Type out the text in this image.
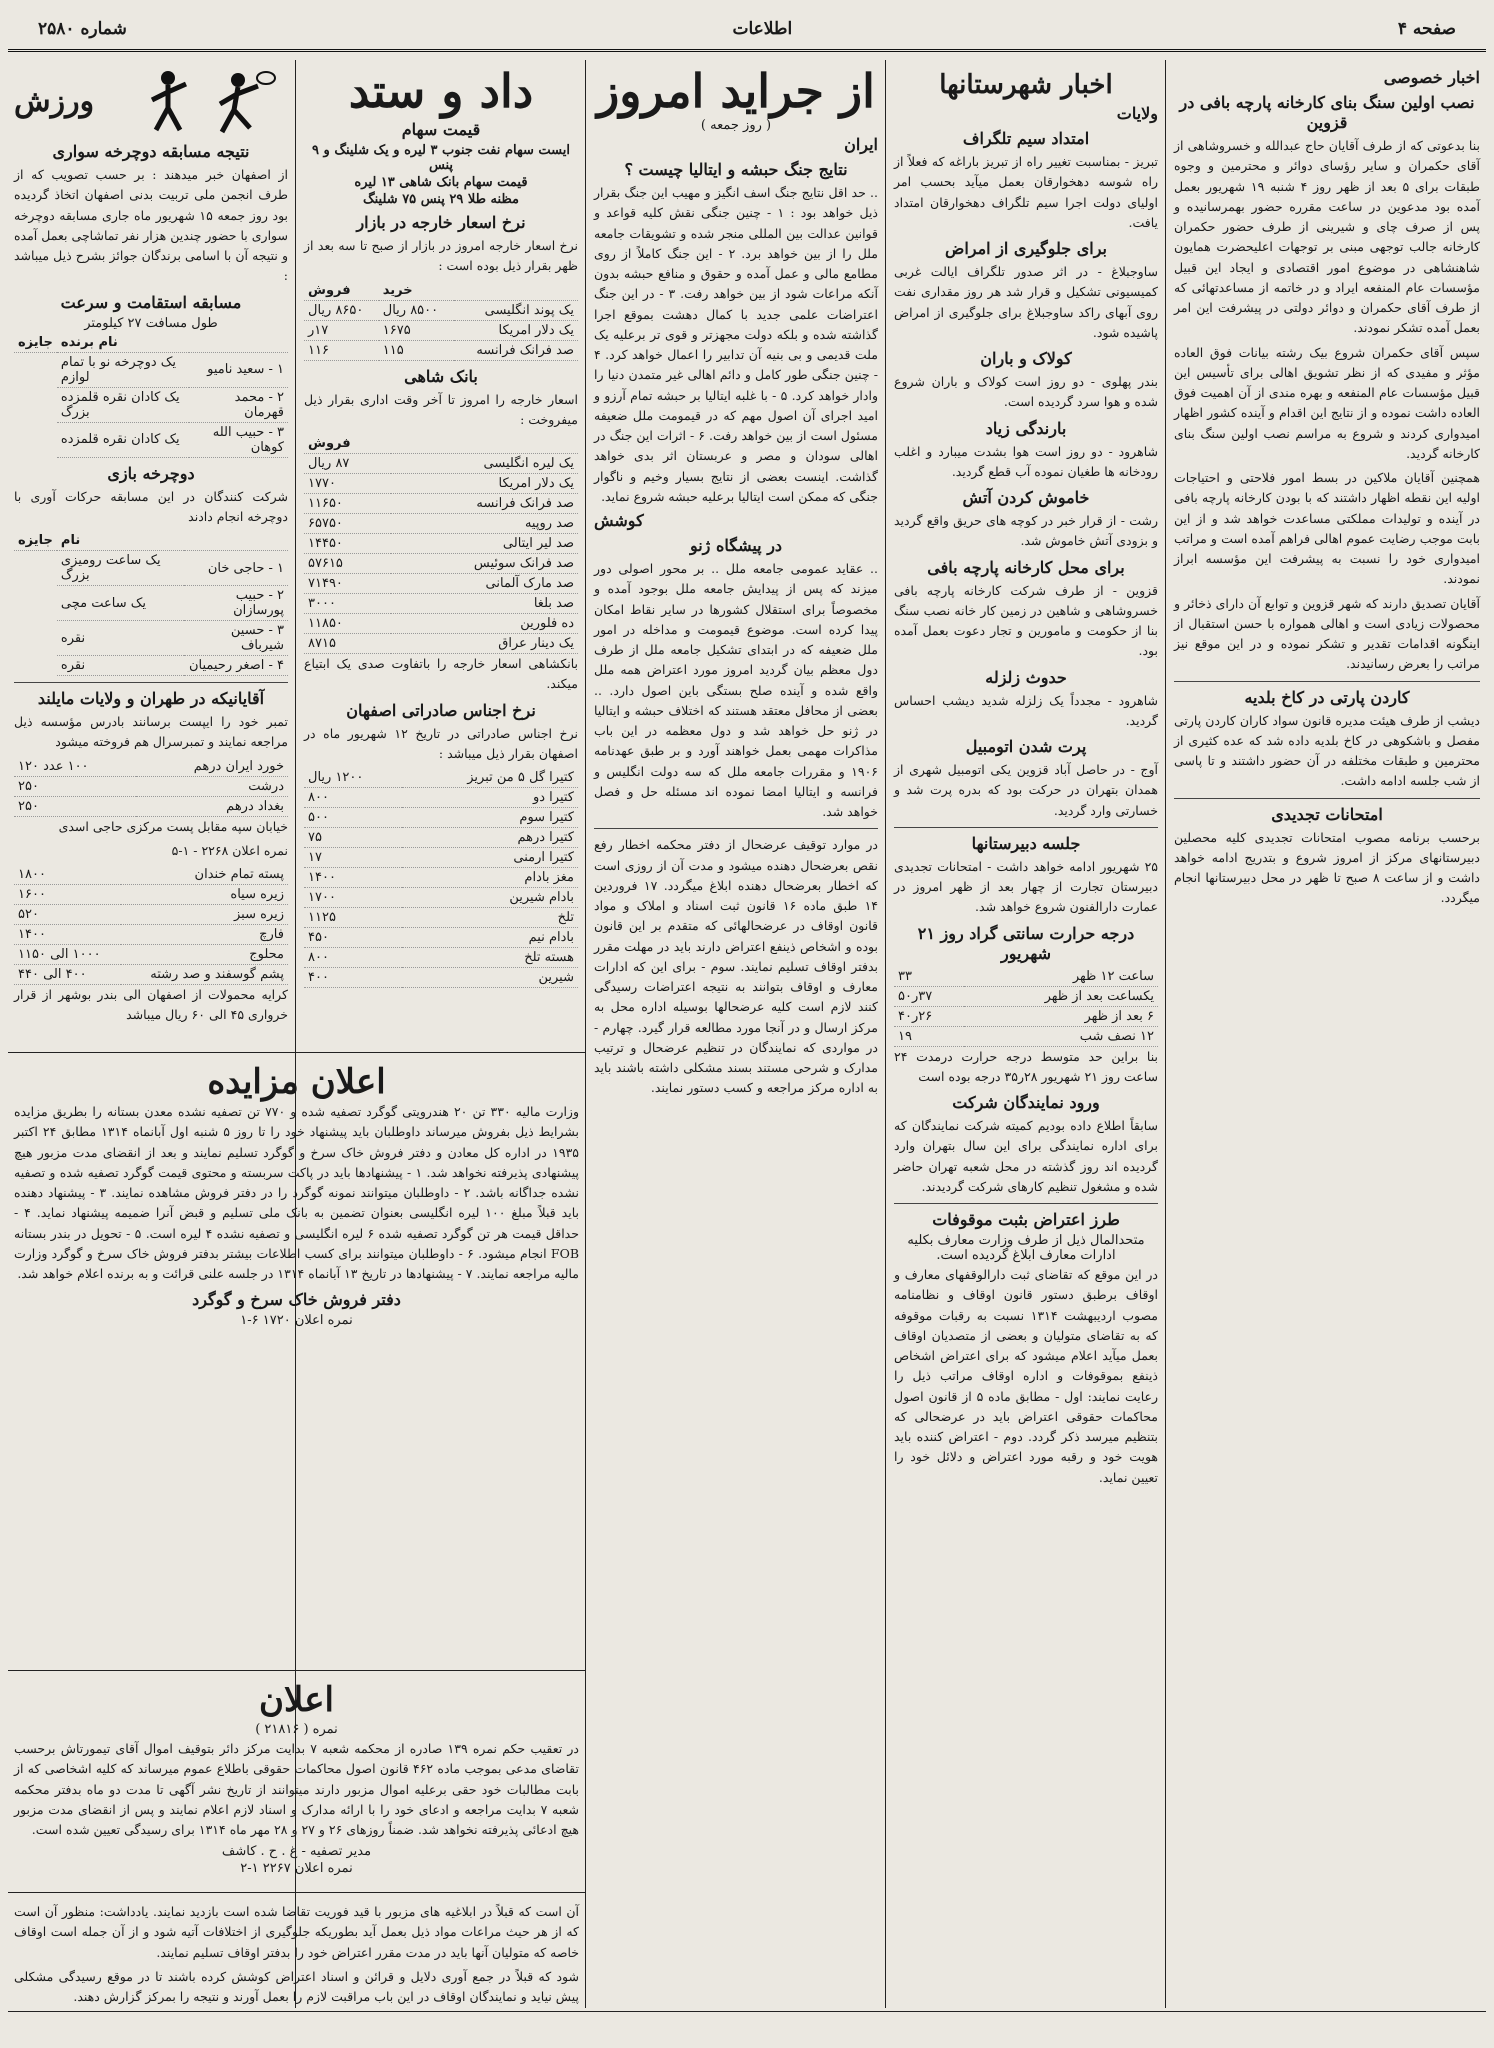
صفحه ۴
اطلاعات
شماره ۲۵۸۰
اخبار خصوصی
نصب اولین سنگ بنای کارخانه پارچه بافی در قزوین

بنا بدعوتی که از طرف آقایان حاج عبدالله و خسروشاهی از آقای حکمران و سایر رؤسای دوائر و محترمین و وجوه طبقات برای ۵ بعد از ظهر روز ۴ شنبه ۱۹ شهریور بعمل آمده بود مدعوین در ساعت مقرره حضور بهمرسانیده و پس از صرف چای و شیرینی از طرف حضور حکمران کارخانه جالب توجهی مبنی بر توجهات اعلیحضرت همایون شاهنشاهی در موضوع امور اقتصادی و ایجاد این قبیل مؤسسات عام المنفعه ایراد و در خاتمه از مساعدتهائی که از طرف آقای حکمران و دوائر دولتی در پیشرفت این امر بعمل آمده تشکر نمودند.

سپس آقای حکمران شروع بیک رشته بیانات فوق العاده مؤثر و مفیدی که از نظر تشویق اهالی برای تأسیس این قبیل مؤسسات عام المنفعه و بهره مندی از آن اهمیت فوق العاده داشت نموده و از نتایج این اقدام و آینده کشور اظهار امیدواری کردند و شروع به مراسم نصب اولین سنگ بنای کارخانه گردید.

همچنین آقایان ملاکین در بسط امور فلاحتی و احتیاجات اولیه این نقطه اظهار داشتند که با بودن کارخانه پارچه بافی در آینده و تولیدات مملکتی مساعدت خواهد شد و از این بابت موجب رضایت عموم اهالی فراهم آمده است و مراتب امیدواری خود را نسبت به پیشرفت این مؤسسه ابراز نمودند.

آقایان تصدیق دارند که شهر قزوین و توابع آن دارای ذخائر و محصولات زیادی است و اهالی همواره با حسن استقبال از اینگونه اقدامات تقدیر و تشکر نموده و در این موقع نیز مراتب را بعرض رسانیدند.

کاردن پارتی در کاخ بلدیه

دیشب از طرف هیئت مدیره قانون سواد کاران کاردن پارتی مفصل و باشکوهی در کاخ بلدیه داده شد که عده کثیری از محترمین و طبقات مختلفه در آن حضور داشتند و تا پاسی از شب جلسه ادامه داشت.

امتحانات تجدیدی

برحسب برنامه مصوب امتحانات تجدیدی کلیه محصلین دبیرستانهای مرکز از امروز شروع و بتدریج ادامه خواهد داشت و از ساعت ۸ صبح تا ظهر در محل دبیرستانها انجام میگردد.

اخبار شهرستانها
ولایات
امتداد سیم تلگراف

تبریز - بمناسبت تغییر راه از تبریز باراغه که فعلاً از راه شوسه دهخوارقان بعمل میآید بحسب امر اولیای دولت اجرا سیم تلگراف دهخوارقان امتداد یافت.

برای جلوگیری از امراض

ساوجبلاغ - در اثر صدور تلگراف ایالت غربی کمیسیونی تشکیل و قرار شد هر روز مقداری نفت روی آبهای راکد ساوجبلاغ برای جلوگیری از امراض پاشیده شود.

کولاک و باران

بندر پهلوی - دو روز است کولاک و باران شروع شده و هوا سرد گردیده است.

بارندگی زیاد

شاهرود - دو روز است هوا بشدت میبارد و اغلب رودخانه ها طغیان نموده آب قطع گردید.

خاموش کردن آتش

رشت - از قرار خبر در کوچه های حریق واقع گردید و بزودی آتش خاموش شد.

برای محل کارخانه پارچه بافی

قزوین - از طرف شرکت کارخانه پارچه بافی خسروشاهی و شاهین در زمین کار خانه نصب سنگ بنا از حکومت و مامورین و تجار دعوت بعمل آمده بود.

حدوث زلزله

شاهرود - مجدداً یک زلزله شدید دیشب احساس گردید.

پرت شدن اتومبیل

آوج - در حاصل آباد قزوین یکی اتومبیل شهری از همدان بتهران در حرکت بود که بدره پرت شد و خسارتی وارد گردید.

جلسه دبیرستانها

۲۵ شهریور ادامه خواهد داشت - امتحانات تجدیدی دبیرستان تجارت از چهار بعد از ظهر امروز در عمارت دارالفنون شروع خواهد شد.

درجه حرارت سانتی گراد روز ۲۱ شهریور
ساعت ۱۲ ظهر	۳۳
یکساعت بعد از ظهر	۳۷ر۵۰
۶ بعد از ظهر	۲۶ر۴۰
۱۲ نصف شب	۱۹

بنا براین حد متوسط درجه حرارت درمدت ۲۴ ساعت روز ۲۱ شهریور ۲۸ر۳۵ درجه بوده است

ورود نمایندگان شرکت

سابقاً اطلاع داده بودیم کمیته شرکت نمایندگان که برای اداره نمایندگی برای این سال بتهران وارد گردیده اند روز گذشته در محل شعبه تهران حاضر شده و مشغول تنظیم کارهای شرکت گردیدند.

طرز اعتراض بثبت موقوفات
متحدالمال ذیل از طرف وزارت معارف بکلیه ادارات معارف ابلاغ گردیده است.

در این موقع که تقاضای ثبت دارالوقفهای معارف و اوقاف برطبق دستور قانون اوقاف و نظامنامه مصوب اردیبهشت ۱۳۱۴ نسبت به رقبات موقوفه که به تقاضای متولیان و بعضی از متصدیان اوقاف بعمل میآید اعلام میشود که برای اعتراض اشخاص ذینفع بموقوفات و اداره اوقاف مراتب ذیل را رعایت نمایند: اول - مطابق ماده ۵ از قانون اصول محاکمات حقوقی اعتراض باید در عرضحالی که بتنظیم میرسد ذکر گردد. دوم - اعتراض کننده باید هویت خود و رقبه مورد اعتراض و دلائل خود را تعیین نماید.

از جراید امروز
( روز جمعه )
ایران
نتایج جنگ حبشه و ایتالیا چیست ؟

.. حد اقل نتایج جنگ اسف انگیز و مهیب این جنگ بقرار ذیل خواهد بود : ۱ - چنین جنگی نقش کلیه قواعد و قوانین عدالت بین المللی منجر شده و تشویقات جامعه ملل را از بین خواهد برد. ۲ - این جنگ کاملاً از روی مطامع مالی و عمل آمده و حقوق و منافع حبشه بدون آنکه مراعات شود از بین خواهد رفت. ۳ - در این جنگ اعتراضات علمی جدید با کمال دهشت بموقع اجرا گذاشته شده و بلکه دولت مجهزتر و قوی تر برعلیه یک ملت قدیمی و بی بنیه آن تدابیر را اعمال خواهد کرد. ۴ - چنین جنگی طور کامل و دائم اهالی غیر متمدن دنیا را وادار خواهد کرد. ۵ - با غلبه ایتالیا بر حبشه تمام آرزو و امید اجرای آن اصول مهم که در قیمومت ملل ضعیفه مسئول است از بین خواهد رفت. ۶ - اثرات این جنگ در اهالی سودان و مصر و عربستان اثر بدی خواهد گذاشت. اینست بعضی از نتایج بسیار وخیم و ناگوار جنگی که ممکن است ایتالیا برعلیه حبشه شروع نماید.

کوشش
در پیشگاه ژنو

.. عقاید عمومی جامعه ملل .. بر محور اصولی دور میزند که پس از پیدایش جامعه ملل بوجود آمده و مخصوصاً برای استقلال کشورها در سایر نقاط امکان پیدا کرده است. موضوع قیمومت و مداخله در امور ملل ضعیفه که در ابتدای تشکیل جامعه ملل از طرف دول معظم بیان گردید امروز مورد اعتراض همه ملل واقع شده و آینده صلح بستگی باین اصول دارد. .. بعضی از محافل معتقد هستند که اختلاف حبشه و ایتالیا در ژنو حل خواهد شد و دول معظمه در این باب مذاکرات مهمی بعمل خواهند آورد و بر طبق عهدنامه ۱۹۰۶ و مقررات جامعه ملل که سه دولت انگلیس و فرانسه و ایتالیا امضا نموده اند مسئله حل و فصل خواهد شد.

در موارد توقیف عرضحال از دفتر محکمه اخطار رفع نقص بعرضحال دهنده میشود و مدت آن از روزی است که اخطار بعرضحال دهنده ابلاغ میگردد. ۱۷ فروردین ۱۴ طبق ماده ۱۶ قانون ثبت اسناد و املاک و مواد قانون اوقاف در عرضحالهائی که متقدم بر این قانون بوده و اشخاص ذینفع اعتراض دارند باید در مهلت مقرر بدفتر اوقاف تسلیم نمایند. سوم - برای این که ادارات معارف و اوقاف بتوانند به نتیجه اعتراضات رسیدگی کنند لازم است کلیه عرضحالها بوسیله اداره محل به مرکز ارسال و در آنجا مورد مطالعه قرار گیرد. چهارم - در مواردی که نمایندگان در تنظیم عرضحال و ترتیب مدارک و شرحی مستند بسند مشکلی داشته باشند باید به اداره مرکز مراجعه و کسب دستور نمایند.

داد و ستد
قیمت سهام
ایست سهام نفت جنوب ۳ لیره و یک شلینگ و ۹ پنس
قیمت سهام بانک شاهی ۱۳ لیره
مظنه طلا ۲۹ پنس ۷۵ شلینگ
نرخ اسعار خارجه در بازار

نرخ اسعار خارجه امروز در بازار از صبح تا سه بعد از ظهر بقرار ذیل بوده است :

	خرید	فروش
یک پوند انگلیسی	۸۵۰۰ ریال	۸۶۵۰ ریال
یک دلار امریکا	۱۶۷۵	۱۷ر
صد فرانک فرانسه	۱۱۵	۱۱۶
بانک شاهی

اسعار خارجه را امروز تا آخر وقت اداری بقرار ذیل میفروخت :

	فروش
یک لیره انگلیسی	۸۷ ریال
یک دلار امریکا	۱۷۷۰
صد فرانک فرانسه	۱۱۶۵۰
صد روپیه	۶۵۷۵۰
صد لیر ایتالی	۱۴۴۵۰
صد فرانک سوئیس	۵۷۶۱۵
صد مارک آلمانی	۷۱۴۹۰
صد بلغا	۳۰۰۰
ده فلورین	۱۱۸۵۰
یک دینار عراق	۸۷۱۵

بانکشاهی اسعار خارجه را باتفاوت صدی یک ابتیاع میکند.

نرخ اجناس صادراتی اصفهان

نرخ اجناس صادراتی در تاریخ ۱۲ شهریور ماه در اصفهان بقرار ذیل میباشد :

کتیرا گل ۵ من تبریز	۱۲۰۰ ریال
کتیرا دو	۸۰۰
کتیرا سوم	۵۰۰
کتیرا درهم	۷۵
کتیرا ارمنی	۱۷
مغز بادام	۱۴۰۰
بادام شیرین	۱۷۰۰
تلخ	۱۱۲۵
بادام نیم	۴۵۰
هسته تلخ	۸۰۰
شیرین	۴۰۰
ورزش
نتیجه مسابقه دوچرخه سواری

از اصفهان خبر میدهند : بر حسب تصویب که از طرف انجمن ملی تربیت بدنی اصفهان اتخاذ گردیده بود روز جمعه ۱۵ شهریور ماه جاری مسابقه دوچرخه سواری با حضور چندین هزار نفر تماشاچی بعمل آمده و نتیجه آن با اسامی برندگان جوائز بشرح ذیل میباشد :

مسابقه استقامت و سرعت
طول مسافت ۲۷ کیلومتر
	نام برنده	جایزه
۱ - سعید نامیو	یک دوچرخه نو با تمام لوازم	
۲ - محمد قهرمان	یک کادان نقره قلمزده بزرگ	
۳ - حبیب الله کوهان	یک کادان نقره قلمزده	
دوچرخه بازی

شرکت کنندگان در این مسابقه حرکات آوری با دوچرخه انجام دادند

	نام	جایزه
۱ - حاجی خان	یک ساعت رومیزی بزرگ	
۲ - حبیب پورسازان	یک ساعت مچی	
۳ - حسین شیرباف	نقره	
۴ - اصغر رحیمیان	نقره	
آقایانیکه در طهران و ولایات مایلند

تمبر خود را ایپست برسانند بادرس مؤسسه ذیل مراجعه نمایند و تمبرسرال هم فروخته میشود

خورد ایران درهم	۱۰۰ عدد ۱۲۰
درشت	۲۵۰
بغداد درهم	۲۵۰

خیابان سپه مقابل پست مرکزی حاجی اسدی

نمره اعلان ۲۲۶۸ - ۱-۵

پسته تمام خندان	۱۸۰۰
زیره سیاه	۱۶۰۰
زیره سبز	۵۲۰
فارچ	۱۴۰۰
محلوج	۱۰۰۰ الی ۱۱۵۰
پشم گوسفند و صد رشته	۴۰۰ الی ۴۴۰

کرایه محمولات از اصفهان الی بندر بوشهر از قرار خرواری ۴۵ الی ۶۰ ریال میباشد

اعلان مزایده

وزارت مالیه ۳۳۰ تن ۲۰ هندرویتی گوگرد تصفیه شده و ۷۷۰ تن تصفیه نشده معدن بستانه را بطریق مزایده بشرایط ذیل بفروش میرساند داوطلبان باید پیشنهاد خود را تا روز ۵ شنبه اول آبانماه ۱۳۱۴ مطابق ۲۴ اکتبر ۱۹۳۵ در اداره کل معادن و دفتر فروش خاک سرخ و گوگرد تسلیم نمایند و بعد از انقضای مدت مزبور هیچ پیشنهادی پذیرفته نخواهد شد. ۱ - پیشنهادها باید در پاکت سربسته و محتوی قیمت گوگرد تصفیه شده و تصفیه نشده جداگانه باشد. ۲ - داوطلبان میتوانند نمونه گوگرد را در دفتر فروش مشاهده نمایند. ۳ - پیشنهاد دهنده باید قبلاً مبلغ ۱۰۰ لیره انگلیسی بعنوان تضمین به بانک ملی تسلیم و قبض آنرا ضمیمه پیشنهاد نماید. ۴ - حداقل قیمت هر تن گوگرد تصفیه شده ۶ لیره انگلیسی و تصفیه نشده ۴ لیره است. ۵ - تحویل در بندر بستانه FOB انجام میشود. ۶ - داوطلبان میتوانند برای کسب اطلاعات بیشتر بدفتر فروش خاک سرخ و گوگرد وزارت مالیه مراجعه نمایند. ۷ - پیشنهادها در تاریخ ۱۳ آبانماه ۱۳۱۴ در جلسه علنی قرائت و به برنده اعلام خواهد شد.

دفتر فروش خاک سرخ و گوگرد
نمره اعلان ۱۷۲۰ ۶-۱
اعلان
نمره ( ۲۱۸۱۶ )

در تعقیب حکم نمره ۱۳۹ صادره از محکمه شعبه ۷ بدایت مرکز دائر بتوقیف اموال آقای تیمورتاش برحسب تقاضای مدعی بموجب ماده ۴۶۲ قانون اصول محاکمات حقوقی باطلاع عموم میرساند که کلیه اشخاصی که از بابت مطالبات خود حقی برعلیه اموال مزبور دارند میتوانند از تاریخ نشر آگهی تا مدت دو ماه بدفتر محکمه شعبه ۷ بدایت مراجعه و ادعای خود را با ارائه مدارک و اسناد لازم اعلام نمایند و پس از انقضای مدت مزبور هیچ ادعائی پذیرفته نخواهد شد. ضمناً روزهای ۲۶ و ۲۷ و ۲۸ مهر ماه ۱۳۱۴ برای رسیدگی تعیین شده است.

مدیر تصفیه - غ . ح . کاشف
نمره اعلان ۲۲۶۷ ۱-۲

آن است که قبلاً در ابلاغیه های مزبور با قید فوریت تقاضا شده است بازدید نمایند. یادداشت: منظور آن است که از هر حیث مراعات مواد ذیل بعمل آید بطوریکه جلوگیری از اختلافات آتیه شود و از آن جمله است اوقاف خاصه که متولیان آنها باید در مدت مقرر اعتراض خود را بدفتر اوقاف تسلیم نمایند.

شود که قبلاً در جمع آوری دلایل و قرائن و اسناد اعتراض کوشش کرده باشند تا در موقع رسیدگی مشکلی پیش نیاید و نمایندگان اوقاف در این باب مراقبت لازم را بعمل آورند و نتیجه را بمرکز گزارش دهند.
